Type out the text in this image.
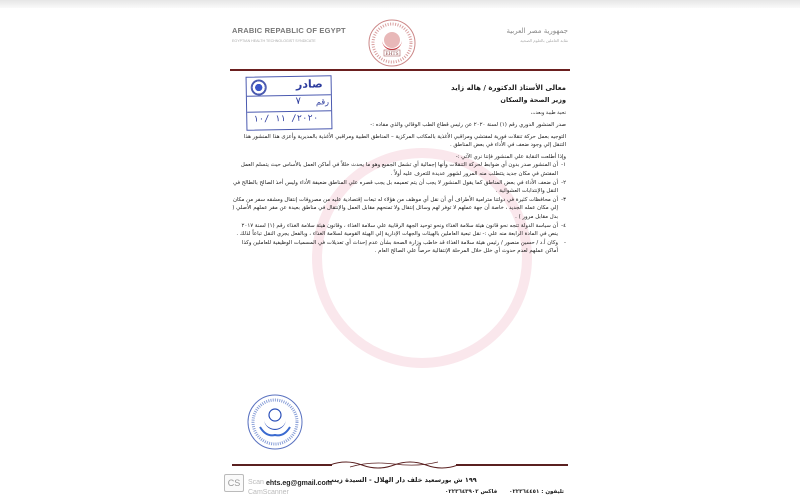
ARABIC REPABLIC OF EGYPT
EGYPTIAN HEALTH TECHNOLOGIST SYNDICATE
EHTS
جمهورية مصر العربية
نقابة العاملين بالعلوم الصحية
صادر
رقم
٧
٢٠٢٠/ ١١ /١٠
معالى الأستاذ الدكتورة / هاله زايد
وزير الصحة والسكان
تحية طيبة وبعد،،،
صدر المنشور الدوري رقم (١) لسنة ٢٠٢٠ عن رئيس قطاع الطب الوقائي والذي مفاده :-
التوجيه بعمل حركة تنقلات فورية لمفتشي ومراقبي الأغذية بالمكاتب المركزية – المناطق الطبية ومراقبي الأغذية بالمديرية وأعزى هذا المنشور هذا التنقل إلي وجود ضعف في الأداء في بعض المناطق .
وإذا أطلعت النقابة علي المنشور فإننا نري الآتي :-
١-
أن المنشور صدر بدون أي ضوابط لحركة التنقلات وأنها إجمالية أي تشمل الجميع وهو ما يحدث خللاً في أماكن العمل بالأساس حيث يتسلم العمل المفتش في مكان جديد يتتطلب منه المرور لشهور عديدة للتعرف عليه أولاً .
٢-
أن ضعف الأداء في بعض المناطق كما يقول المنشور لا يجب أن يتم تعميمه بل يجب قصره علي المناطق ضعيفة الأداء وليس أخذ الصالح بالطالح في النقل والإنتدابات العشوائية .
٣-
أن محافظات كثيرة في دولتنا مترامية الأطراف أي أن نقل أي موظف من هؤلاء له تبعات إقتصادية عليه من مصروفات إنتقال ومشقه سفر من مكان إلي مكان عمله الجديد ، خاصة أن جهة عملهم لا توفر لهم وسائل إنتقال ولا تمنحهم مقابل العمل والإنتقال في مناطق بعيدة عن مقر عملهم الأصلي ( بدل مقابل مرور ) .
٤-
أن سياسة الدولة تتجه نحو قانون هيئة سلامة الغذاء ونحو توحيد الجهة الرقابية علي سلامة الغذاء ، وقانون هيئة سلامة الغذاء رقم (١) لسنة ٢٠١٧ ينص في المادة الرابعة منه علي :- نقل تبعية العاملين بالهيئات والجهات الإدارية إلي الهيئة القومية لسلامة الغذاء ، وبالفعل يجري النقل تباعاً لذلك .
-
وكان أ.د / حسين منصور / رئيس هيئة سلامة الغذاء قد خاطب وزارة الصحة بشأن عدم إحداث أي تعديلات في المسميات الوظيفية للعاملين وكذا أماكن عملهم لعدم حدوث أي خلل خلال المرحلة الإنتقالية حرصاً علي الصالح العام .
١٩٩ ش بورسعيد خلف دار الهلال - السيدة زينب
تليفون : ٠٢٢٣٦٤٤٥١ فاكس ٠٢٢٣٦٤٣٩٠٢
CS	Scan ehts.eg@gmail.com
CamScanner
